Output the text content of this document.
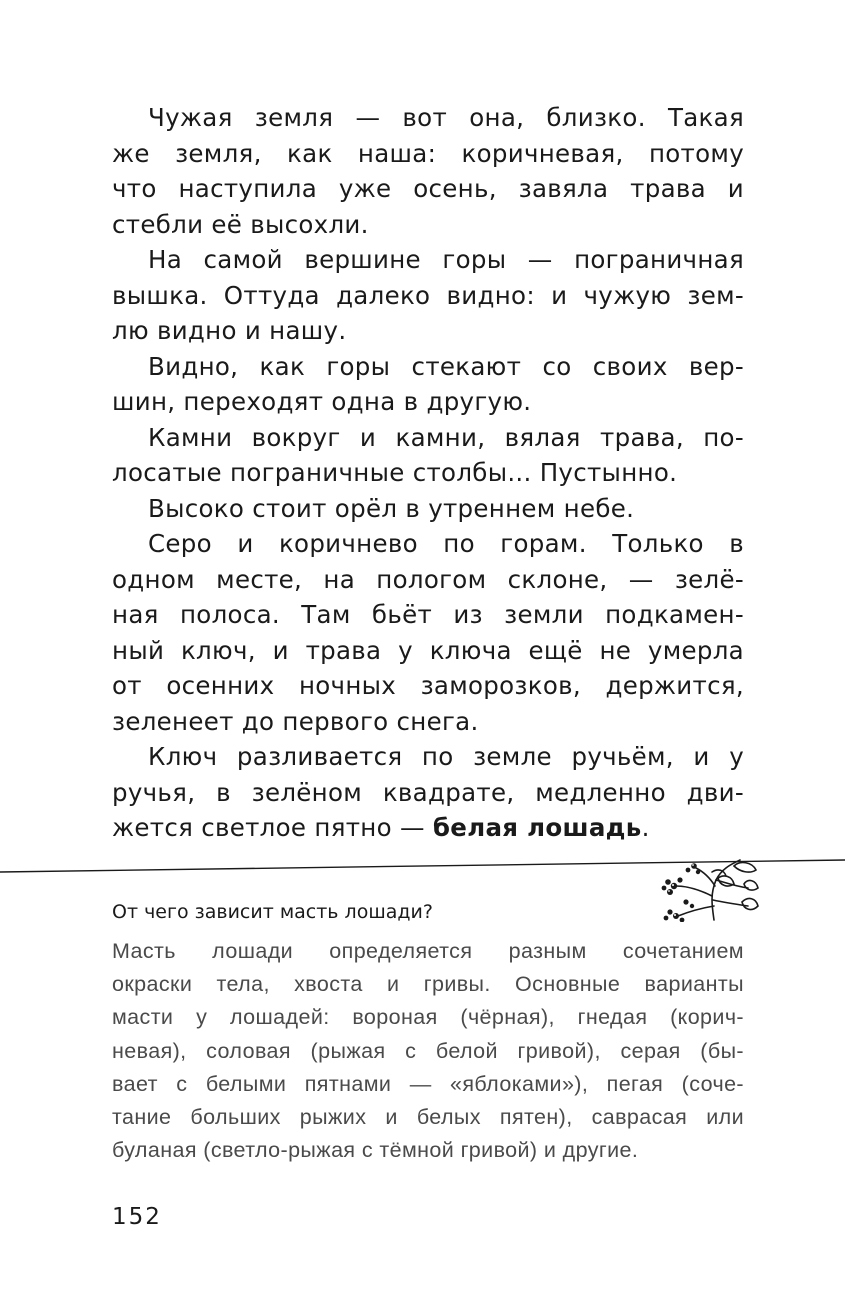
Чужая земля — вот она, близко. Такая
же земля, как наша: коричневая, потому
что наступила уже осень, завяла трава и
стебли её высохли.
На самой вершине горы — пограничная
вышка. Оттуда далеко видно: и чужую зем-
лю видно и нашу.
Видно, как горы стекают со своих вер-
шин, переходят одна в другую.
Камни вокруг и камни, вялая трава, по-
лосатые пограничные столбы... Пустынно.
Высоко стоит орёл в утреннем небе.
Серо и коричнево по горам. Только в
одном месте, на пологом склоне, — зелё-
ная полоса. Там бьёт из земли подкамен-
ный ключ, и трава у ключа ещё не умерла
от осенних ночных заморозков, держится,
зеленеет до первого снега.
Ключ разливается по земле ручьём, и у
ручья, в зелёном квадрате, медленно дви-
жется светлое пятно — белая лошадь.
От чего зависит масть лошади?
Масть лошади определяется разным сочетанием
окраски тела, хвоста и гривы. Основные варианты
масти у лошадей: вороная (чёрная), гнедая (корич-
невая), соловая (рыжая с белой гривой), серая (бы-
вает с белыми пятнами — «яблоками»), пегая (соче-
тание больших рыжих и белых пятен), саврасая или
буланая (светло-рыжая с тёмной гривой) и другие.
152
